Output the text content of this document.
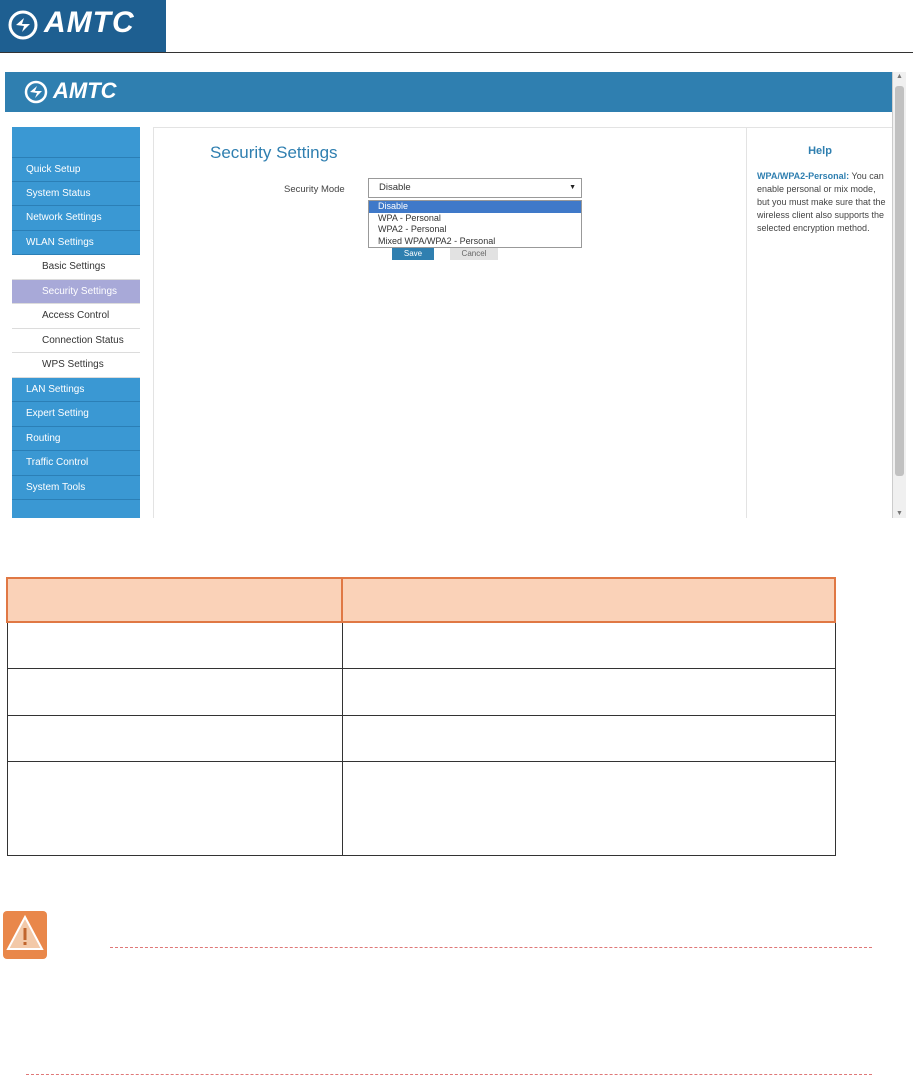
AMTC
AMTC
Quick Setup
System Status
Network Settings
WLAN Settings
Basic Settings
Security Settings
Access Control
Connection Status
WPS Settings
LAN Settings
Expert Setting
Routing
Traffic Control
System Tools
Security Settings
Security Mode	Disable	▼
Save	Cancel
Disable
WPA - Personal
WPA2 - Personal
Mixed WPA/WPA2 - Personal
Help
WPA/WPA2-Personal: You can enable personal or mix mode, but you must make sure that the wireless client also supports the selected encryption method.
▲
▼
